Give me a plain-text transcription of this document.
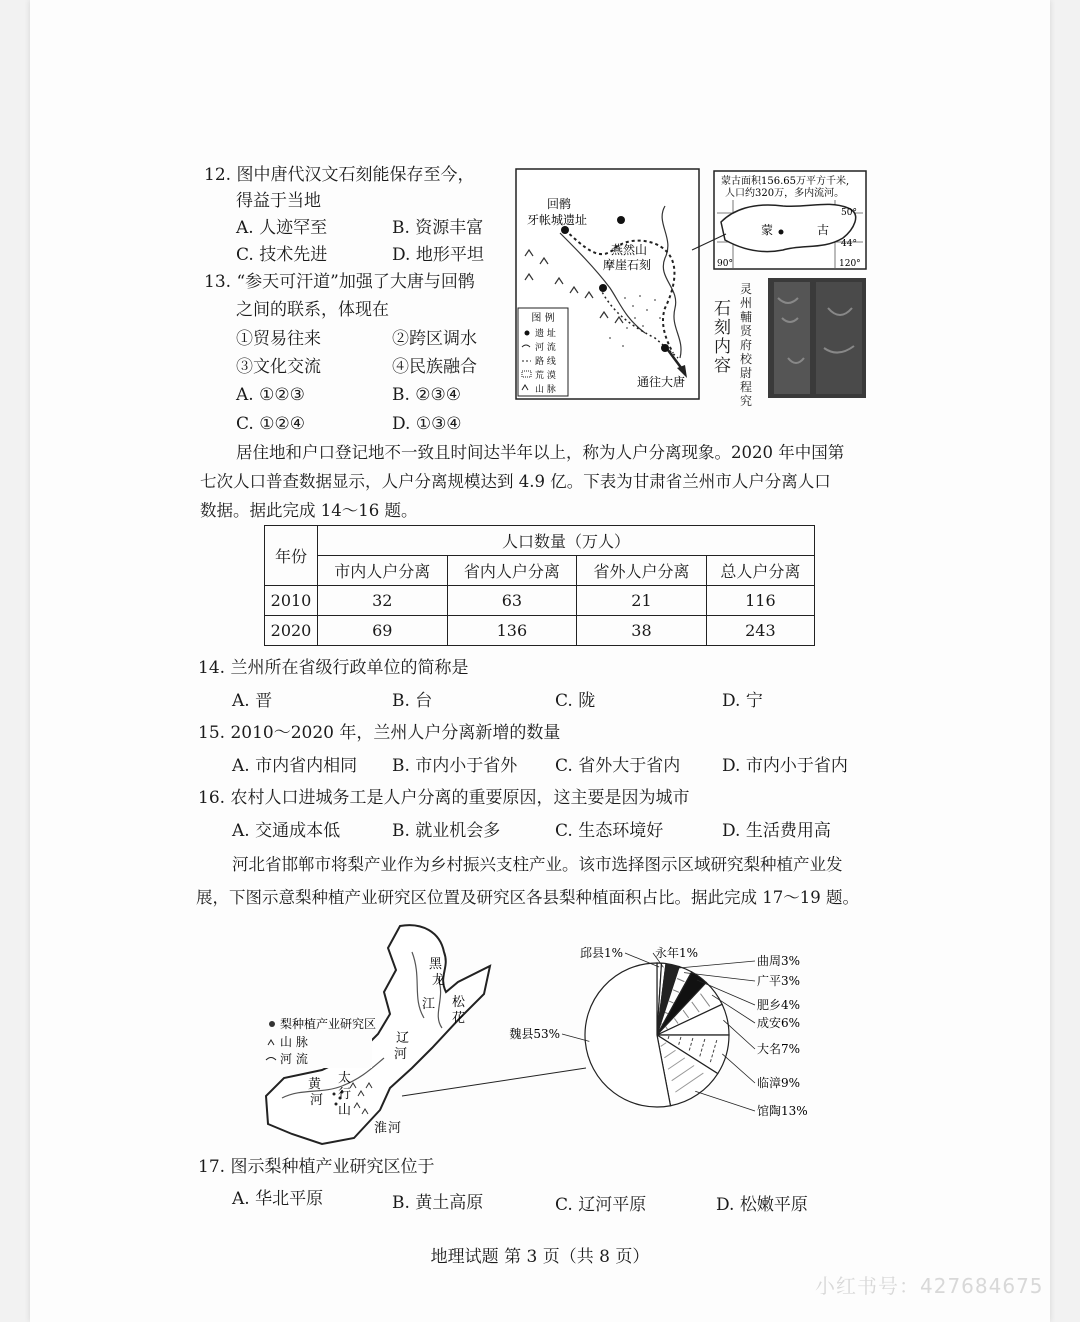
12. 图中唐代汉文石刻能保存至今，
得益于当地
A. 人迹罕至	B. 资源丰富
C. 技术先进	D. 地形平坦
13. “参天可汗道”加强了大唐与回鹘
之间的联系，体现在
①贸易往来	②跨区调水
③文化交流	④民族融合
A. ①②③	B. ②③④
C. ①②④	D. ①③④
图 例
遗 址
河 流
路 线
荒 漠
山 脉
回鹘
牙帐城遗址
燕然山
摩崖石刻
通往大唐
蒙古面积156.65万平方千米,
人口约320万，多内流河。
蒙	古
50°
44°
90°	120°
石刻内容
灵州輔贤府校尉程究
居住地和户口登记地不一致且时间达半年以上，称为人户分离现象。2020 年中国第
七次人口普查数据显示，人户分离规模达到 4.9 亿。下表为甘肃省兰州市人户分离人口
数据。据此完成 14～16 题。
年份	人口数量（万人）			
	市内人户分离	省内人户分离	省外人户分离	总人户分离
2010	32	63	21	116
2020	69	136	38	243
14. 兰州所在省级行政单位的简称是
A. 晋	B. 台	C. 陇	D. 宁
15. 2010～2020 年，兰州人户分离新增的数量
A. 市内省内相同 B. 市内小于省外 C. 省外大于省内 D. 市内小于省内
16. 农村人口进城务工是人户分离的重要原因，这主要是因为城市
A. 交通成本低	B. 就业机会多	C. 生态环境好	D. 生活费用高
河北省邯郸市将梨产业作为乡村振兴支柱产业。该市选择图示区域研究梨种植产业发
展，下图示意梨种植产业研究区位置及研究区各县梨种植面积占比。据此完成 17～19 题。
黑
龙
江 松
花
辽
河
太
行
山
黄
河
淮 河
梨种植产业研究区
山 脉
河 流
邱县1%	永年1%
曲周3%
广平3%
肥乡4%
成安6%
大名7%
临漳9%
馆陶13%
魏县53%
17. 图示梨种植产业研究区位于
A. 华北平原	B. 黄土高原	C. 辽河平原	D. 松嫩平原
地理试题 第 3 页（共 8 页）
小红书号：427684675
